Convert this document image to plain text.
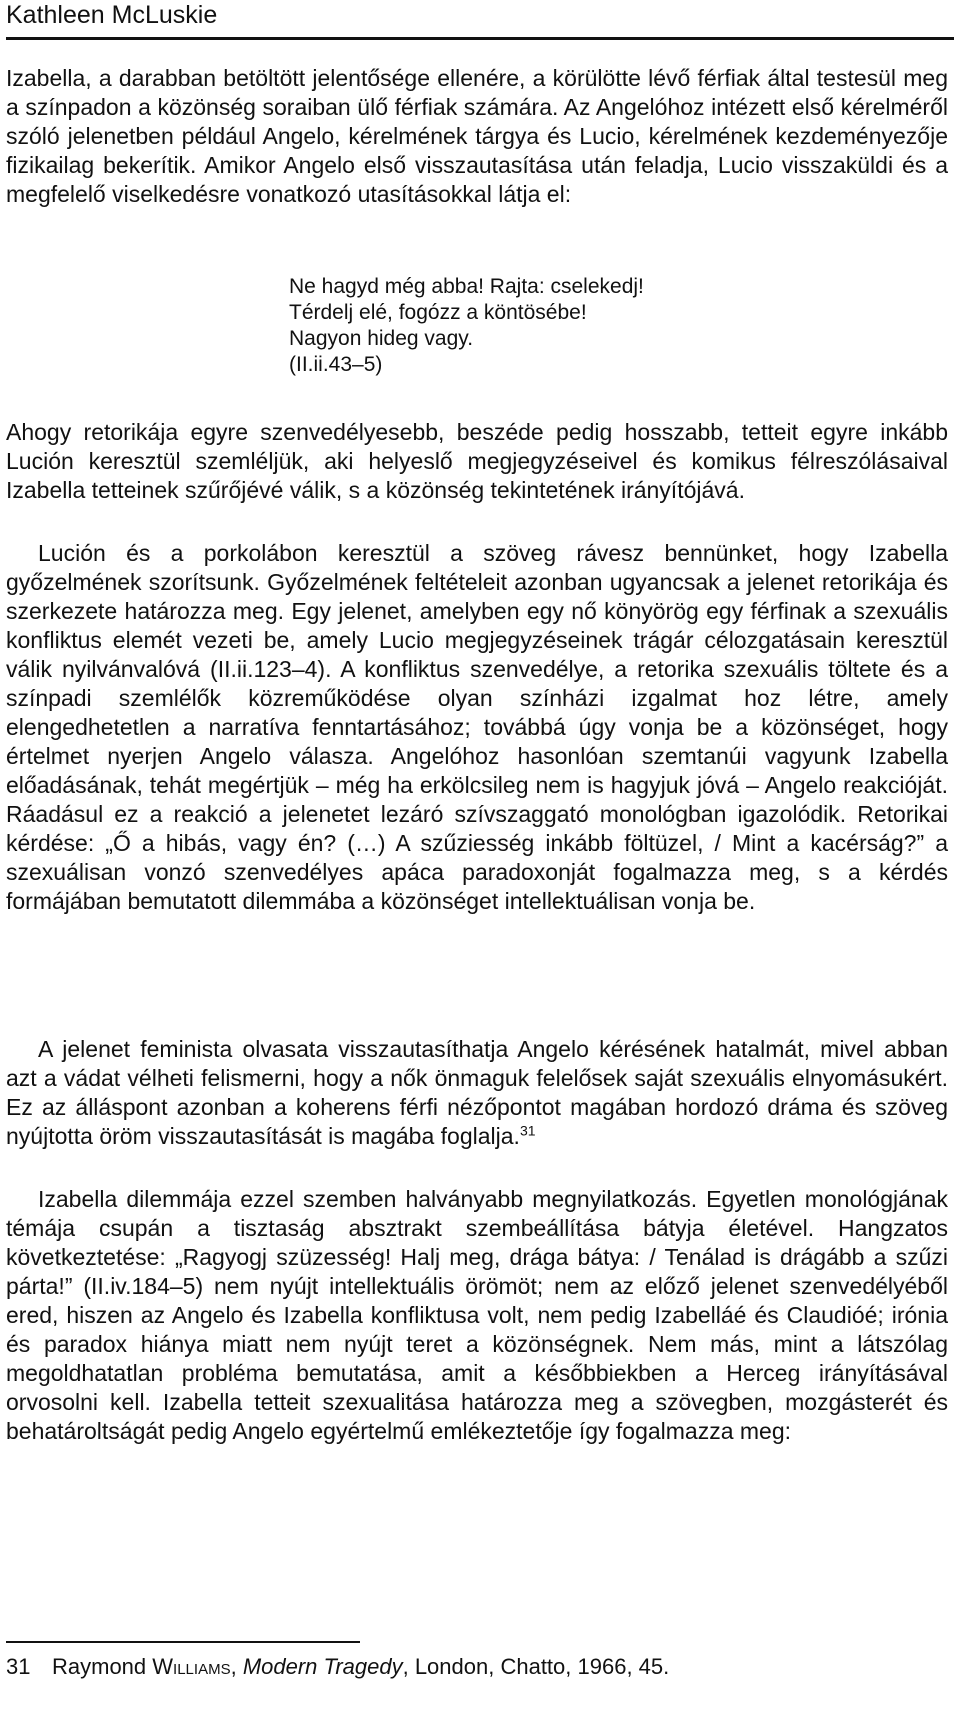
Kathleen McLuskie

Izabella, a darabban betöltött jelentősége ellenére, a körülötte lévő férfiak által testesül meg a színpadon a közönség soraiban ülő férfiak számára. Az Angelóhoz intézett első kérelméről szóló jelenetben például Angelo, kérelmének tárgya és Lucio, kérelmének kezdeményezője fizikailag bekerítik. Amikor Angelo első visszautasítása után feladja, Lucio visszaküldi és a megfelelő viselkedésre vonatkozó utasításokkal látja el:

Ne hagyd még abba! Rajta: cselekedj!
Térdelj elé, fogózz a köntösébe!
Nagyon hideg vagy.
(II.ii.43–5)

Ahogy retorikája egyre szenvedélyesebb, beszéde pedig hosszabb, tetteit egyre inkább Lución keresztül szemléljük, aki helyeslő megjegyzéseivel és komikus félreszólásaival Izabella tetteinek szűrőjévé válik, s a közönség tekintetének irányítójává.

Lución és a porkolábon keresztül a szöveg rávesz bennünket, hogy Izabella győzelmének szorítsunk. Győzelmének feltételeit azonban ugyancsak a jelenet retorikája és szerkezete határozza meg. Egy jelenet, amelyben egy nő könyörög egy férfinak a szexuális konfliktus elemét vezeti be, amely Lucio megjegyzéseinek trágár célozgatásain keresztül válik nyilvánvalóvá (II.ii.123–4). A konfliktus szenvedélye, a retorika szexuális töltete és a színpadi szemlélők közreműködése olyan színházi izgalmat hoz létre, amely elengedhetetlen a narratíva fenntartásához; továbbá úgy vonja be a közönséget, hogy értelmet nyerjen Angelo válasza. Angelóhoz hasonlóan szemtanúi vagyunk Izabella előadásának, tehát megértjük – még ha erkölcsileg nem is hagyjuk jóvá – Angelo reakcióját. Ráadásul ez a reakció a jelenetet lezáró szívszaggató monológban igazolódik. Retorikai kérdése: „Ő a hibás, vagy én? (…) A szűziesség inkább föltüzel, / Mint a kacérság?” a szexuálisan vonzó szenvedélyes apáca paradoxonját fogalmazza meg, s a kérdés formájában bemutatott dilemmába a közönséget intellektuálisan vonja be.

A jelenet feminista olvasata visszautasíthatja Angelo kérésének hatalmát, mivel abban azt a vádat vélheti felismerni, hogy a nők önmaguk felelősek saját szexuális elnyomásukért. Ez az álláspont azonban a koherens férfi nézőpontot magában hordozó dráma és szöveg nyújtotta öröm visszautasítását is magába foglalja.$^{31}$

Izabella dilemmája ezzel szemben halványabb megnyilatkozás. Egyetlen monológjának témája csupán a tisztaság absztrakt szembeállítása bátyja életével. Hangzatos következtetése: „Ragyogj szüzesség! Halj meg, drága bátya: / Tenálad is drágább a szűzi párta!” (II.iv.184–5) nem nyújt intellektuális örömöt; nem az előző jelenet szenvedélyéből ered, hiszen az Angelo és Izabella konfliktusa volt, nem pedig Izabelláé és Claudióé; irónia és paradox hiánya miatt nem nyújt teret a közönségnek. Nem más, mint a látszólag megoldhatatlan probléma bemutatása, amit a későbbiekben a Herceg irányításával orvosolni kell. Izabella tetteit szexualitása határozza meg a szövegben, mozgásterét és behatároltságát pedig Angelo egyértelmű emlékeztetője így fogalmazza meg:

31 Raymond Williams, Modern Tragedy, London, Chatto, 1966, 45.
